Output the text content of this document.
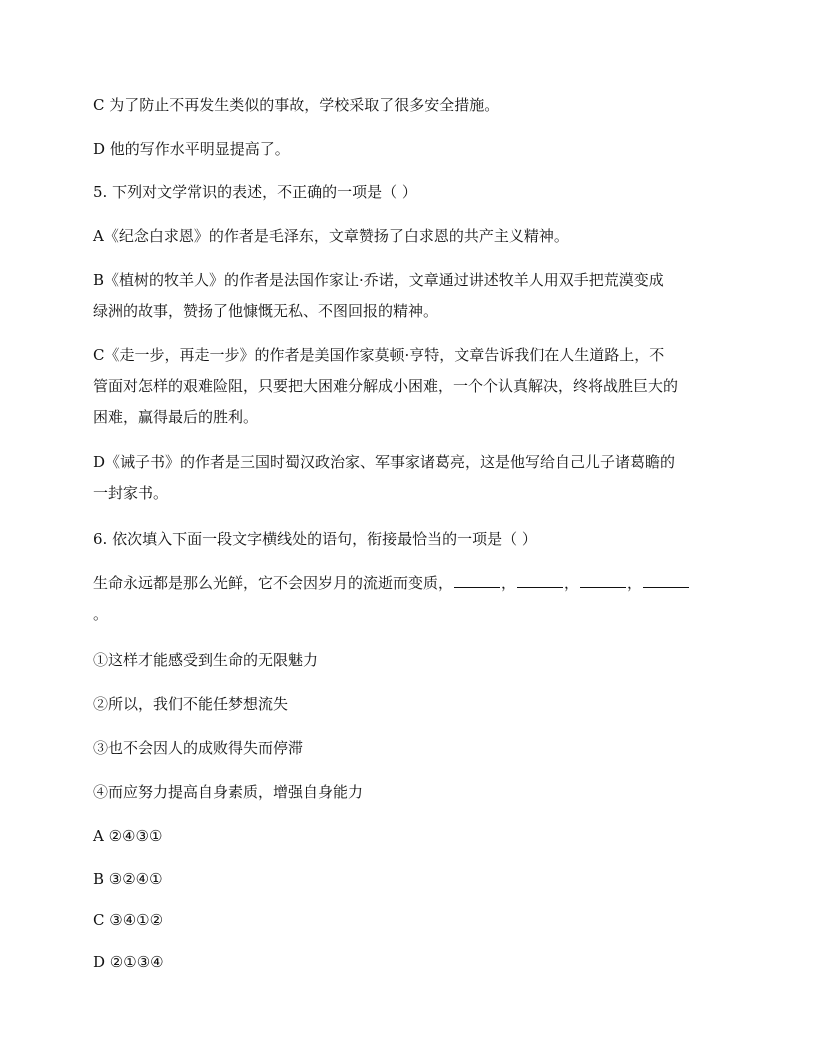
C 为了防止不再发生类似的事故，学校采取了很多安全措施。
D 他的写作水平明显提高了。
5. 下列对文学常识的表述，不正确的一项是（ ）
A《纪念白求恩》的作者是毛泽东，文章赞扬了白求恩的共产主义精神。
B《植树的牧羊人》的作者是法国作家让·乔诺，文章通过讲述牧羊人用双手把荒漠变成
绿洲的故事，赞扬了他慷慨无私、不图回报的精神。
C《走一步，再走一步》的作者是美国作家莫顿·亨特，文章告诉我们在人生道路上，不
管面对怎样的艰难险阻，只要把大困难分解成小困难，一个个认真解决，终将战胜巨大的
困难，赢得最后的胜利。
D《诫子书》的作者是三国时蜀汉政治家、军事家诸葛亮，这是他写给自己儿子诸葛瞻的
一封家书。
6. 依次填入下面一段文字横线处的语句，衔接最恰当的一项是（ ）
生命永远都是那么光鲜，它不会因岁月的流逝而变质，	，	，	，
。
①这样才能感受到生命的无限魅力
②所以，我们不能任梦想流失
③也不会因人的成败得失而停滞
④而应努力提高自身素质，增强自身能力
A ②④③①
B ③②④①
C ③④①②
D ②①③④
